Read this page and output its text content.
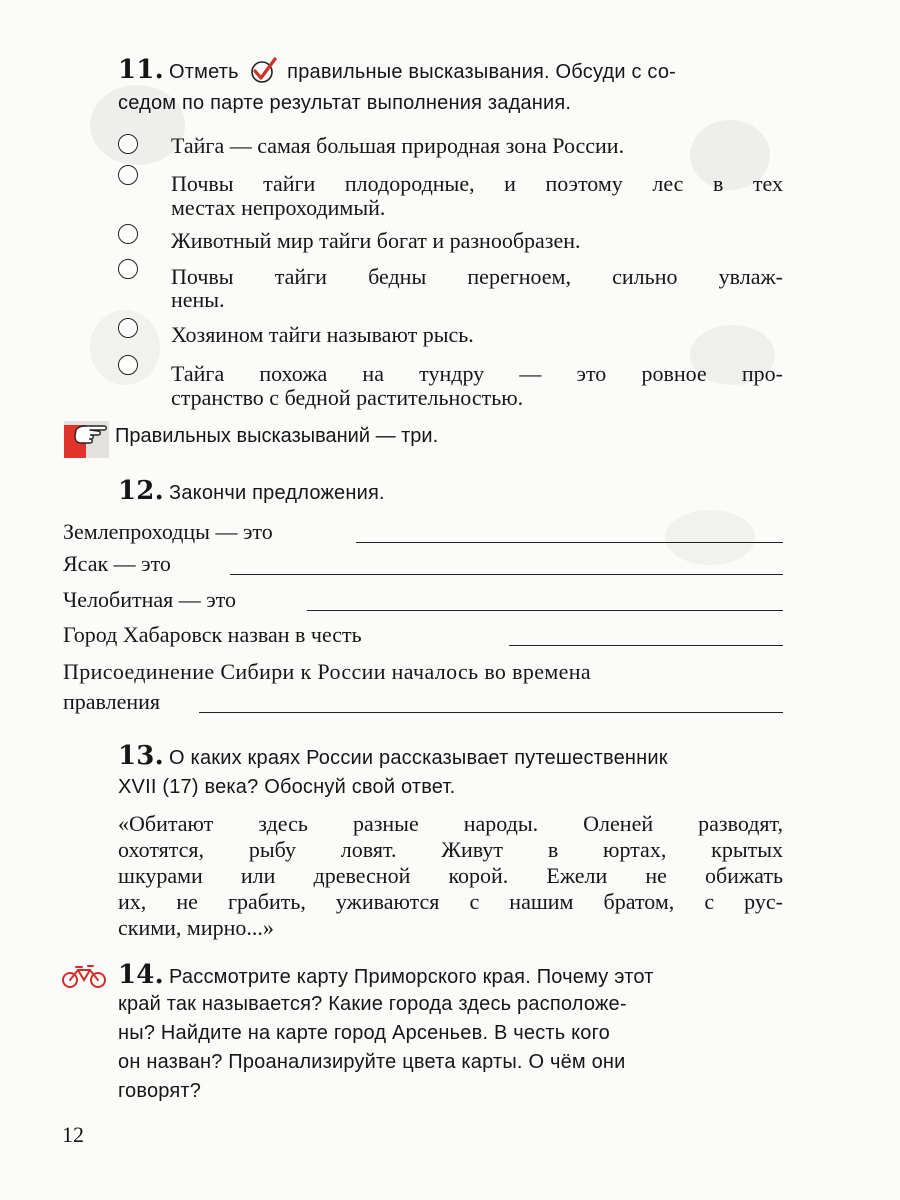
11. Отметь правильные высказывания. Обсуди с со-
седом по парте результат выполнения задания.
Тайга — самая большая природная зона России.
Почвы тайги плодородные, и поэтому лес в тех
местах непроходимый.
Животный мир тайги богат и разнообразен.
Почвы тайги бедны перегноем, сильно увлаж-
нены.
Хозяином тайги называют рысь.
Тайга похожа на тундру — это ровное про-
странство с бедной растительностью.
Правильных высказываний — три.
12. Закончи предложения.
Землепроходцы — это
Ясак — это
Челобитная — это
Город Хабаровск назван в честь
Присоединение Сибири к России началось во времена
правления
13. О каких краях России рассказывает путешественник
XVII (17) века? Обоснуй свой ответ.
«Обитают здесь разные народы. Оленей разводят,
охотятся, рыбу ловят. Живут в юртах, крытых
шкурами или древесной корой. Ежели не обижать
их, не грабить, уживаются с нашим братом, с рус-
скими, мирно...»
14. Рассмотрите карту Приморского края. Почему этот
край так называется? Какие города здесь расположе-
ны? Найдите на карте город Арсеньев. В честь кого
он назван? Проанализируйте цвета карты. О чём они
говорят?
12
